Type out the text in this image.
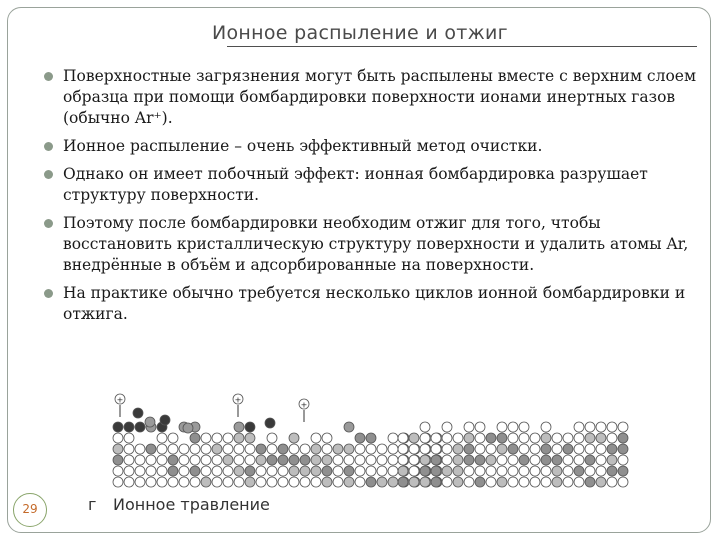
Ионное распыление и отжиг
Поверхностные загрязнения могут быть распылены вместе с верхним слоем образца при помощи бомбардировки поверхности ионами инертных газов (обычно Ar⁺).
Ионное распыление – очень эффективный метод очистки.
Однако он имеет побочный эффект: ионная бомбардировка разрушает структуру поверхности.
Поэтому после бомбардировки необходим отжиг для того, чтобы восстановить кристаллическую структуру поверхности и удалить атомы Ar, внедрённые в объём и адсорбированные на поверхности.
На практике обычно требуется несколько циклов ионной бомбардировки и отжига.
+	+
+
г Ионное травление
29
